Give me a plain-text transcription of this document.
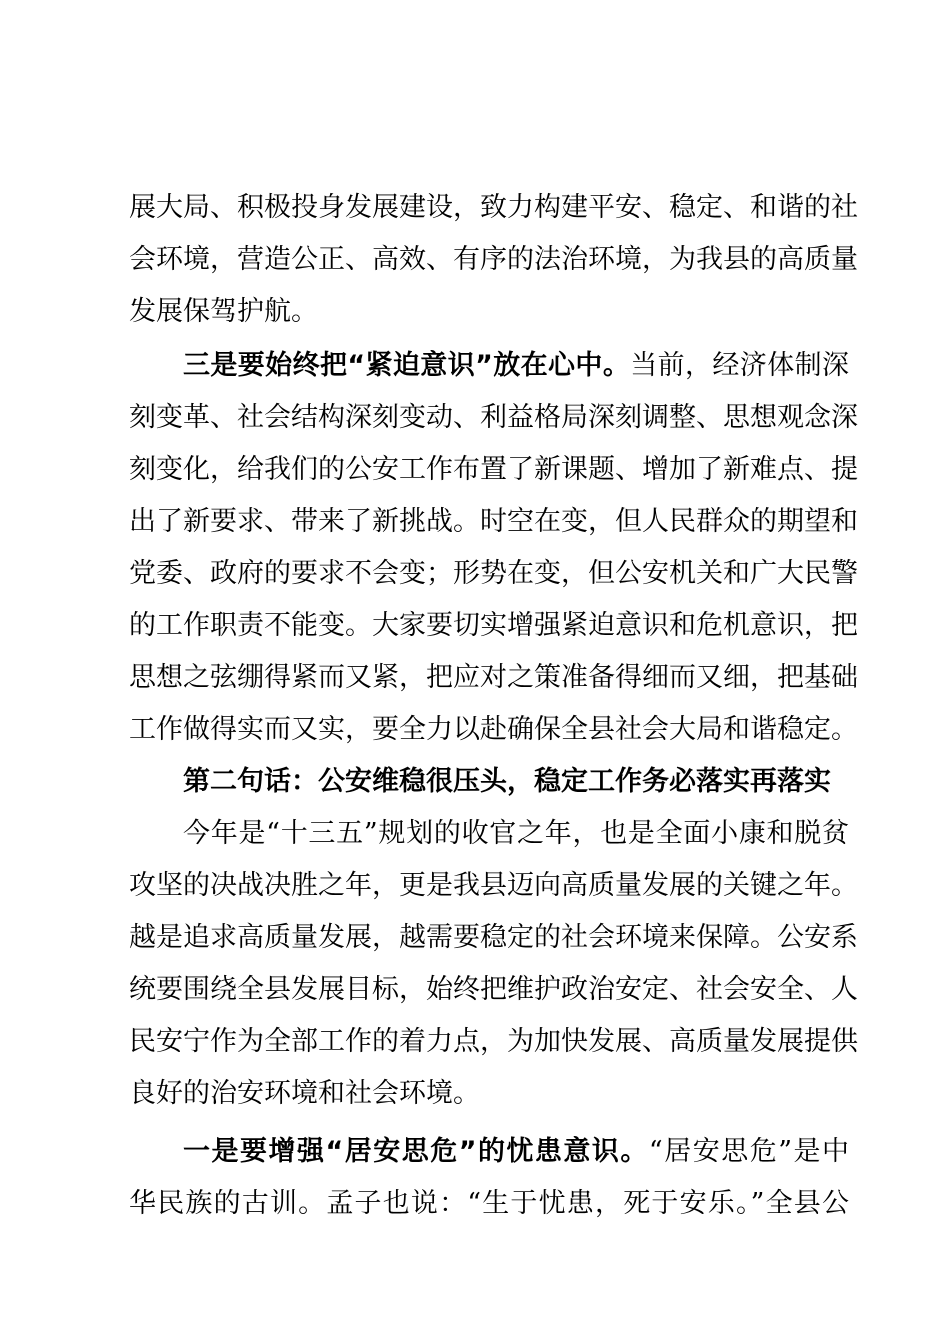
展大局、积极投身发展建设，致力构建平安、稳定、和谐的社
会环境，营造公正、高效、有序的法治环境，为我县的高质量
发展保驾护航。
三是要始终把“紧迫意识”放在心中。当前，经济体制深
刻变革、社会结构深刻变动、利益格局深刻调整、思想观念深
刻变化，给我们的公安工作布置了新课题、增加了新难点、提
出了新要求、带来了新挑战。时空在变，但人民群众的期望和
党委、政府的要求不会变；形势在变，但公安机关和广大民警
的工作职责不能变。大家要切实增强紧迫意识和危机意识，把
思想之弦绷得紧而又紧，把应对之策准备得细而又细，把基础
工作做得实而又实，要全力以赴确保全县社会大局和谐稳定。
第二句话：公安维稳很压头，稳定工作务必落实再落实
今年是“十三五”规划的收官之年，也是全面小康和脱贫
攻坚的决战决胜之年，更是我县迈向高质量发展的关键之年。
越是追求高质量发展，越需要稳定的社会环境来保障。公安系
统要围绕全县发展目标，始终把维护政治安定、社会安全、人
民安宁作为全部工作的着力点，为加快发展、高质量发展提供
良好的治安环境和社会环境。
一是要增强“居安思危”的忧患意识。“居安思危”是中
华民族的古训。孟子也说：“生于忧患，死于安乐。”全县公
